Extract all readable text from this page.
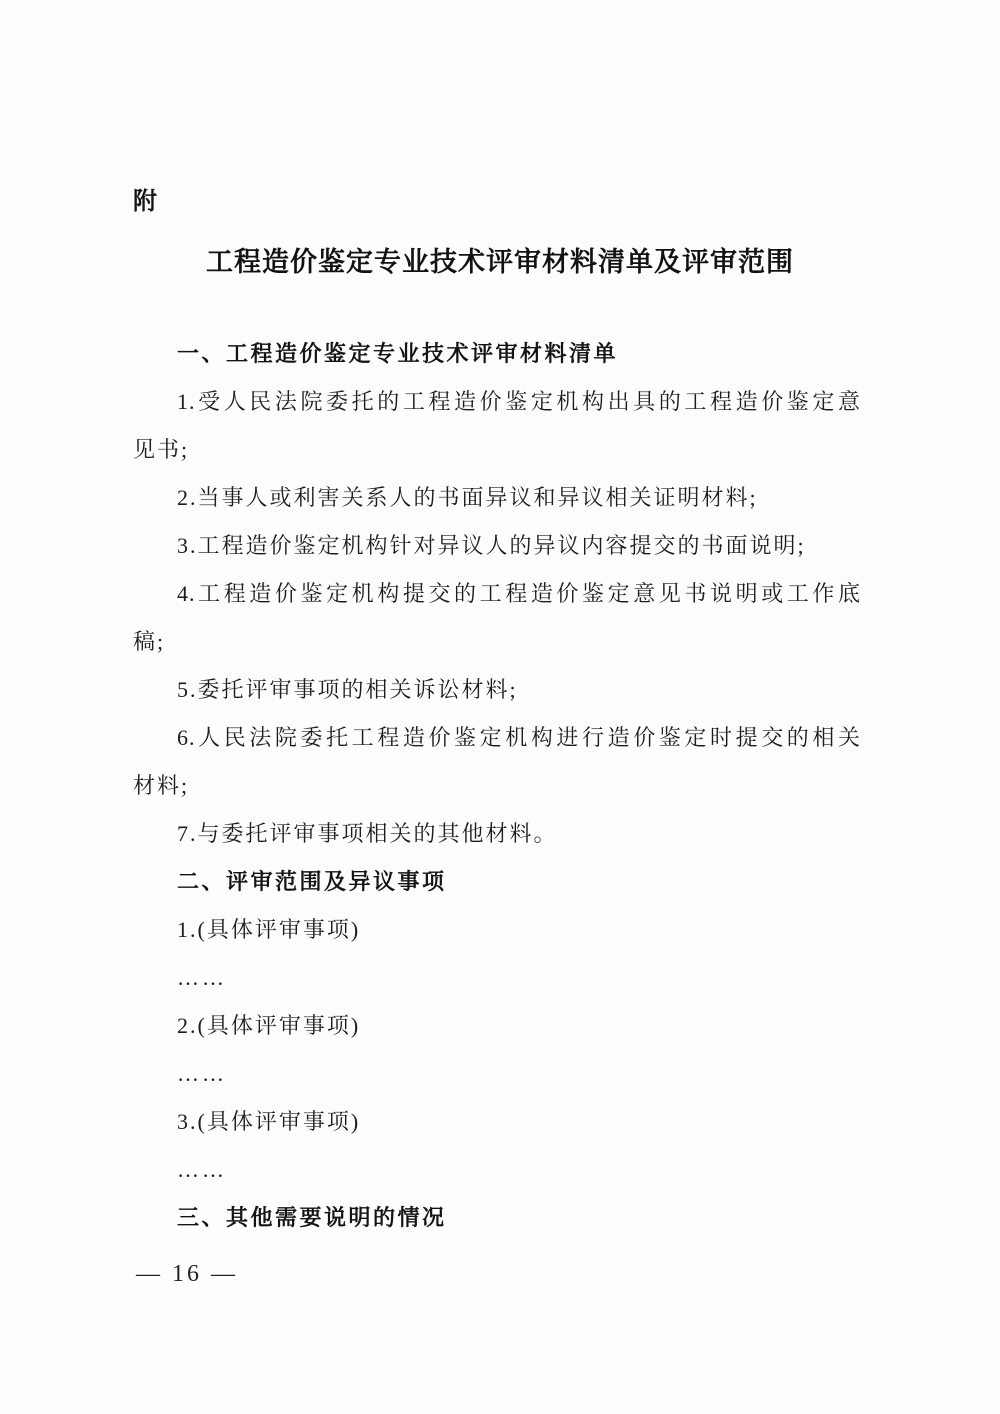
附
工程造价鉴定专业技术评审材料清单及评审范围
一、工程造价鉴定专业技术评审材料清单
1.受人民法院委托的工程造价鉴定机构出具的工程造价鉴定意
见书;
2.当事人或利害关系人的书面异议和异议相关证明材料;
3.工程造价鉴定机构针对异议人的异议内容提交的书面说明;
4.工程造价鉴定机构提交的工程造价鉴定意见书说明或工作底
稿;
5.委托评审事项的相关诉讼材料;
6.人民法院委托工程造价鉴定机构进行造价鉴定时提交的相关
材料;
7.与委托评审事项相关的其他材料。
二、评审范围及异议事项
1.(具体评审事项)
……
2.(具体评审事项)
……
3.(具体评审事项)
……
三、其他需要说明的情况
— 16 —
